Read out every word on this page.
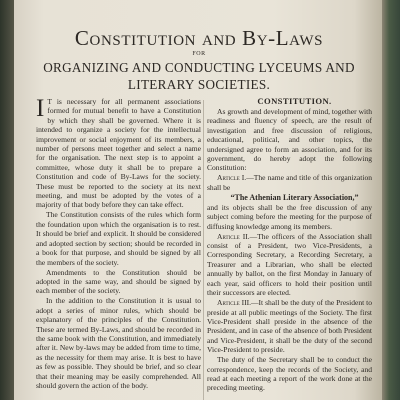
Constitution and By-Laws
FOR
ORGANIZING AND CONDUCTING LYCEUMS AND
LITERARY SOCIETIES.

I T is necessary for all permanent associations formed for mutual benefit to have a Constitution by which they shall be governed. Where it is intended to organize a society for the intellectual improvement or social enjoyment of its members, a number of persons meet together and select a name for the organisation. The next step is to appoint a committee, whose duty it shall be to prepare a Constitution and code of By-Laws for the society. These must be reported to the society at its next meeting, and must be adopted by the votes of a majority of that body before they can take effect.

The Constitution consists of the rules which form the foundation upon which the organisation is to rest. It should be brief and explicit. It should be considered and adopted section by section; should be recorded in a book for that purpose, and should be signed by all the members of the society.

Amendments to the Constitution should be adopted in the same way, and should be signed by each member of the society.

In the addition to the Constitution it is usual to adopt a series of minor rules, which should be explanatory of the principles of the Constitution. These are termed By-Laws, and should be recorded in the same book with the Constitution, and immediately after it. New by-laws may be added from time to time, as the necessity for them may arise. It is best to have as few as possible. They should be brief, and so clear that their meaning may be easily comprehended. All should govern the action of the body.

CONSTITUTION.

As growth and development of mind, together with readiness and fluency of speech, are the result of investigation and free discussion of religious, educational, political, and other topics, the undersigned agree to form an association, and for its government, do hereby adopt the following Constitution:

Article I.—The name and title of this organization shall be

“The Athenian Literary Association,”

and its objects shall be the free discussion of any subject coming before the meeting for the purpose of diffusing knowledge among its members.

Article II.—The officers of the Association shall consist of a President, two Vice-Presidents, a Corresponding Secretary, a Recording Secretary, a Treasurer and a Librarian, who shall be elected annually by ballot, on the first Monday in January of each year, said officers to hold their position until their successors are elected.

Article III.—It shall be the duty of the President to preside at all public meetings of the Society. The first Vice-President shall preside in the absence of the President, and in case of the absence of both President and Vice-President, it shall be the duty of the second Vice-President to preside.

The duty of the Secretary shall be to conduct the correspondence, keep the records of the Society, and read at each meeting a report of the work done at the preceding meeting.
